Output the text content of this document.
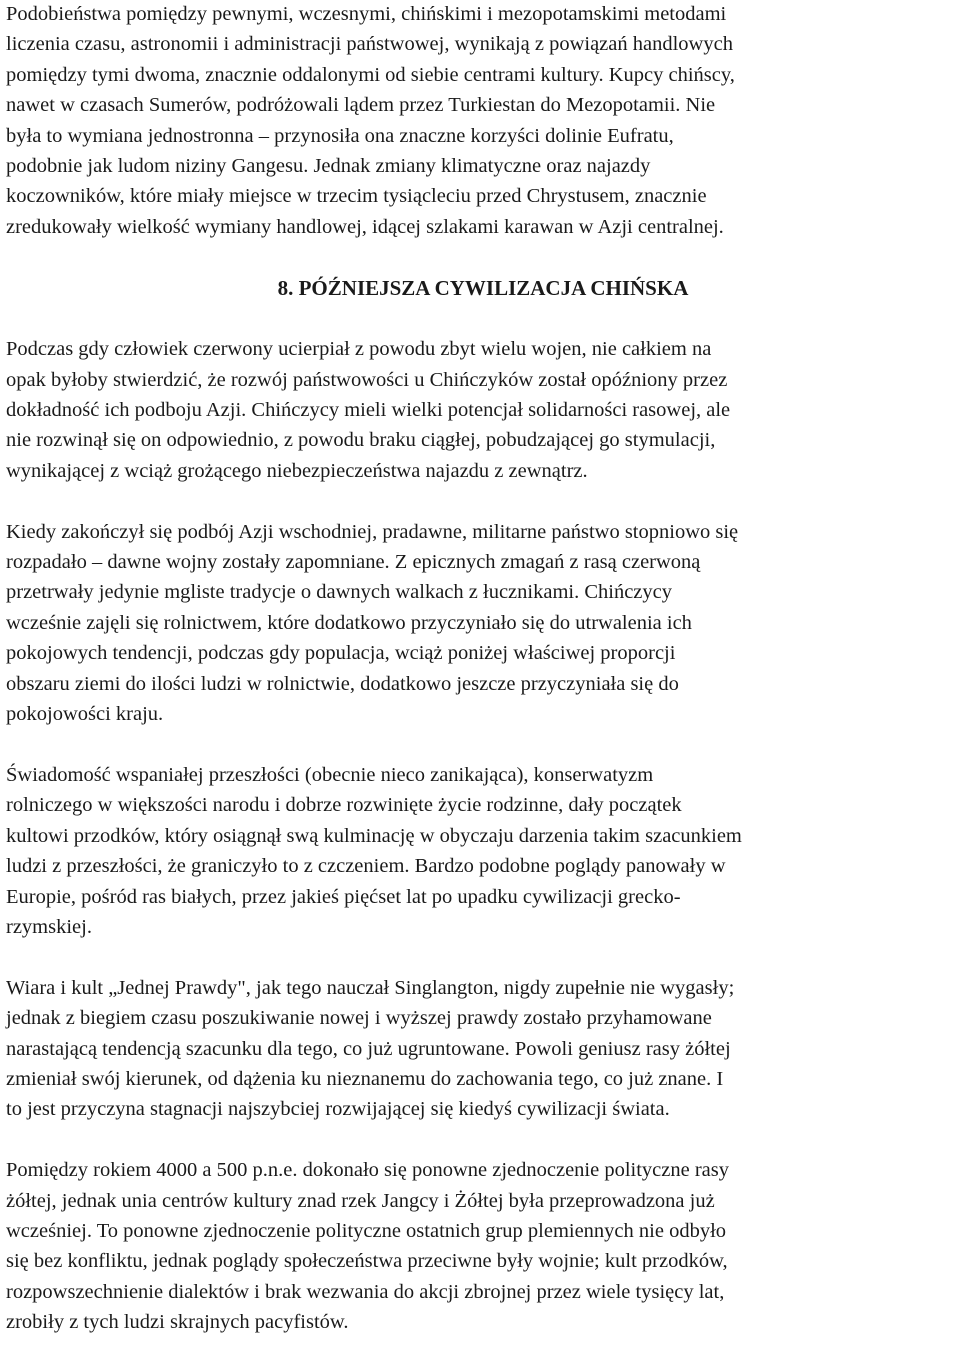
Podobieństwa pomiędzy pewnymi, wczesnymi, chińskimi i mezopotamskimi metodami
liczenia czasu, astronomii i administracji państwowej, wynikają z powiązań handlowych
pomiędzy tymi dwoma, znacznie oddalonymi od siebie centrami kultury. Kupcy chińscy,
nawet w czasach Sumerów, podróżowali lądem przez Turkiestan do Mezopotamii. Nie
była to wymiana jednostronna – przynosiła ona znaczne korzyści dolinie Eufratu,
podobnie jak ludom niziny Gangesu. Jednak zmiany klimatyczne oraz najazdy
koczowników, które miały miejsce w trzecim tysiącleciu przed Chrystusem, znacznie
zredukowały wielkość wymiany handlowej, idącej szlakami karawan w Azji centralnej.
8. PÓŹNIEJSZA CYWILIZACJA CHIŃSKA
Podczas gdy człowiek czerwony ucierpiał z powodu zbyt wielu wojen, nie całkiem na
opak byłoby stwierdzić, że rozwój państwowości u Chińczyków został opóźniony przez
dokładność ich podboju Azji. Chińczycy mieli wielki potencjał solidarności rasowej, ale
nie rozwinął się on odpowiednio, z powodu braku ciągłej, pobudzającej go stymulacji,
wynikającej z wciąż grożącego niebezpieczeństwa najazdu z zewnątrz.
Kiedy zakończył się podbój Azji wschodniej, pradawne, militarne państwo stopniowo się
rozpadało – dawne wojny zostały zapomniane. Z epicznych zmagań z rasą czerwoną
przetrwały jedynie mgliste tradycje o dawnych walkach z łucznikami. Chińczycy
wcześnie zajęli się rolnictwem, które dodatkowo przyczyniało się do utrwalenia ich
pokojowych tendencji, podczas gdy populacja, wciąż poniżej właściwej proporcji
obszaru ziemi do ilości ludzi w rolnictwie, dodatkowo jeszcze przyczyniała się do
pokojowości kraju.
Świadomość wspaniałej przeszłości (obecnie nieco zanikająca), konserwatyzm
rolniczego w większości narodu i dobrze rozwinięte życie rodzinne, dały początek
kultowi przodków, który osiągnął swą kulminację w obyczaju darzenia takim szacunkiem
ludzi z przeszłości, że graniczyło to z czczeniem. Bardzo podobne poglądy panowały w
Europie, pośród ras białych, przez jakieś pięćset lat po upadku cywilizacji grecko-
rzymskiej.
Wiara i kult „Jednej Prawdy", jak tego nauczał Singlangton, nigdy zupełnie nie wygasły;
jednak z biegiem czasu poszukiwanie nowej i wyższej prawdy zostało przyhamowane
narastającą tendencją szacunku dla tego, co już ugruntowane. Powoli geniusz rasy żółtej
zmieniał swój kierunek, od dążenia ku nieznanemu do zachowania tego, co już znane. I
to jest przyczyna stagnacji najszybciej rozwijającej się kiedyś cywilizacji świata.
Pomiędzy rokiem 4000 a 500 p.n.e. dokonało się ponowne zjednoczenie polityczne rasy
żółtej, jednak unia centrów kultury znad rzek Jangcy i Żółtej była przeprowadzona już
wcześniej. To ponowne zjednoczenie polityczne ostatnich grup plemiennych nie odbyło
się bez konfliktu, jednak poglądy społeczeństwa przeciwne były wojnie; kult przodków,
rozpowszechnienie dialektów i brak wezwania do akcji zbrojnej przez wiele tysięcy lat,
zrobiły z tych ludzi skrajnych pacyfistów.
